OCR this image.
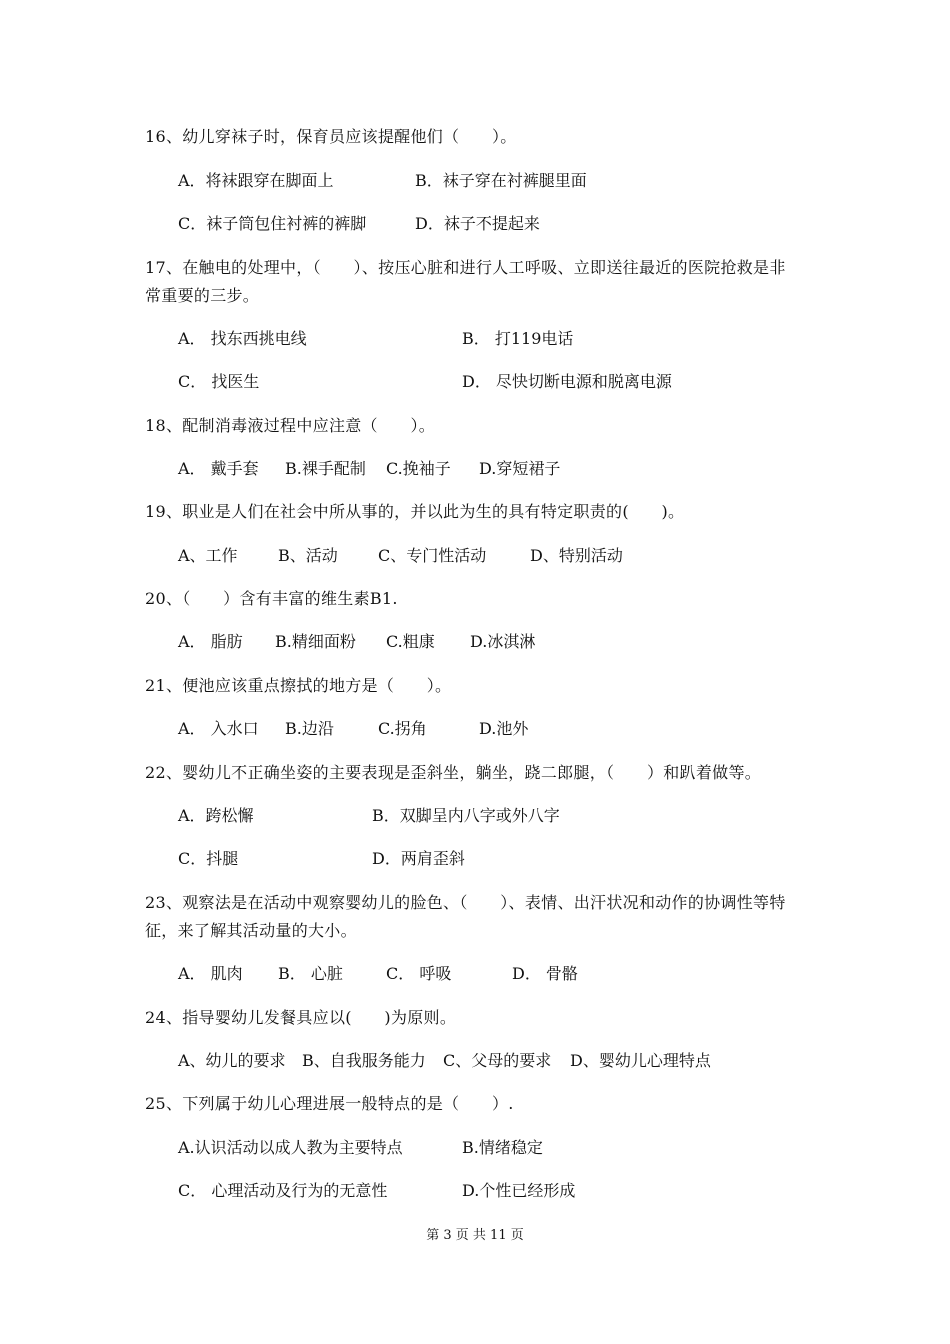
16、幼儿穿袜子时，保育员应该提醒他们（　　）。
A．将袜跟穿在脚面上	B．袜子穿在衬裤腿里面
C．袜子筒包住衬裤的裤脚	D．袜子不提起来
17、在触电的处理中，（　　）、按压心脏和进行人工呼吸、立即送往最近的医院抢救是非
常重要的三步。
A． 找东西挑电线	B． 打119电话
C． 找医生	D． 尽快切断电源和脱离电源
18、配制消毒液过程中应注意（　　）。
A． 戴手套 B.裸手配制 C.挽袖子 D.穿短裙子
19、职业是人们在社会中所从事的，并以此为生的具有特定职责的(　　)。
A、工作	B、活动	C、专门性活动	D、特别活动
20、（　　）含有丰富的维生素B1.
A． 脂肪 B.精细面粉 C.粗康 D.冰淇淋
21、便池应该重点擦拭的地方是（　　）。
A． 入水口 B.边沿	C.拐角	D.池外
22、婴幼儿不正确坐姿的主要表现是歪斜坐，躺坐，跷二郎腿，（　　）和趴着做等。
A．跨松懈	B．双脚呈内八字或外八字
C．抖腿	D．两肩歪斜
23、观察法是在活动中观察婴幼儿的脸色、（　　）、表情、出汗状况和动作的协调性等特
征，来了解其活动量的大小。
A． 肌肉 B． 心脏	C． 呼吸	D． 骨骼
24、指导婴幼儿发餐具应以(　　)为原则。
A、幼儿的要求 B、自我服务能力 C、父母的要求 D、婴幼儿心理特点
25、下列属于幼儿心理进展一般特点的是（　　）.
A.认识活动以成人教为主要特点	B.情绪稳定
C． 心理活动及行为的无意性	D.个性已经形成
第 3 页 共 11 页
